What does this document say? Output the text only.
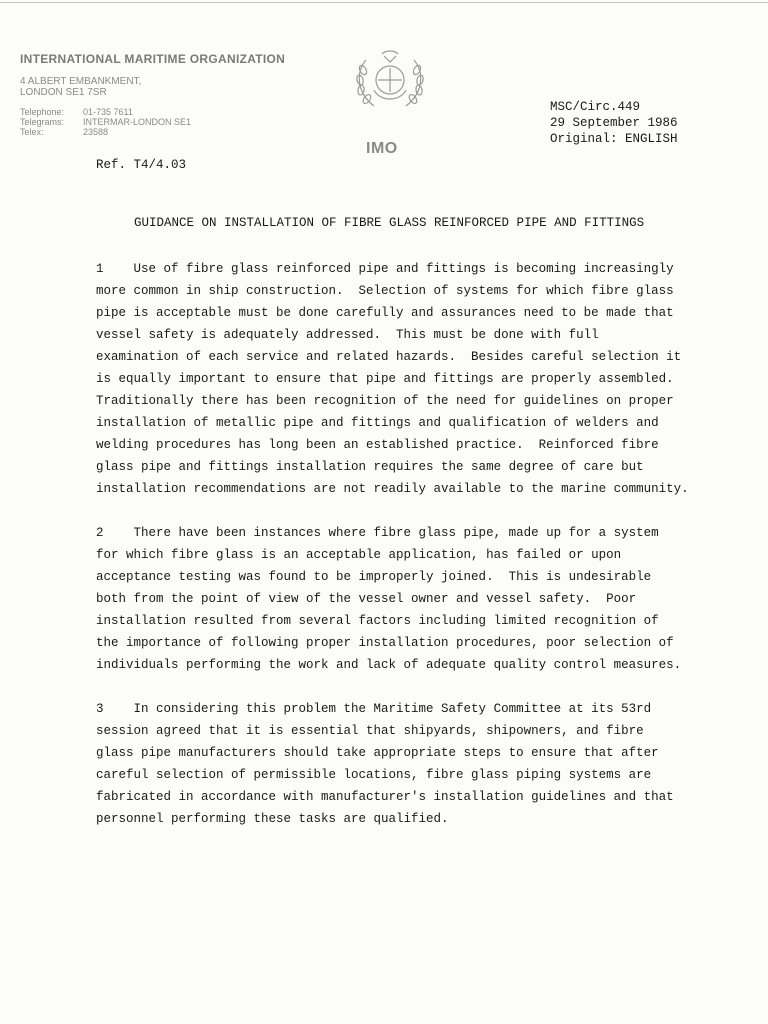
INTERNATIONAL MARITIME ORGANIZATION
4 ALBERT EMBANKMENT,
LONDON SE1 7SR
Telephone:	01-735 7611
Telegrams:	INTERMAR-LONDON SE1
Telex:	23588
IMO
MSC/Circ.449
29 September 1986
Original: ENGLISH
Ref. T4/4.03
GUIDANCE ON INSTALLATION OF FIBRE GLASS REINFORCED PIPE AND FITTINGS
1    Use of fibre glass reinforced pipe and fittings is becoming increasingly
more common in ship construction.  Selection of systems for which fibre glass
pipe is acceptable must be done carefully and assurances need to be made that
vessel safety is adequately addressed.  This must be done with full
examination of each service and related hazards.  Besides careful selection it
is equally important to ensure that pipe and fittings are properly assembled.
Traditionally there has been recognition of the need for guidelines on proper
installation of metallic pipe and fittings and qualification of welders and
welding procedures has long been an established practice.  Reinforced fibre
glass pipe and fittings installation requires the same degree of care but
installation recommendations are not readily available to the marine community.
2    There have been instances where fibre glass pipe, made up for a system
for which fibre glass is an acceptable application, has failed or upon
acceptance testing was found to be improperly joined.  This is undesirable
both from the point of view of the vessel owner and vessel safety.  Poor
installation resulted from several factors including limited recognition of
the importance of following proper installation procedures, poor selection of
individuals performing the work and lack of adequate quality control measures.
3    In considering this problem the Maritime Safety Committee at its 53rd
session agreed that it is essential that shipyards, shipowners, and fibre
glass pipe manufacturers should take appropriate steps to ensure that after
careful selection of permissible locations, fibre glass piping systems are
fabricated in accordance with manufacturer's installation guidelines and that
personnel performing these tasks are qualified.
